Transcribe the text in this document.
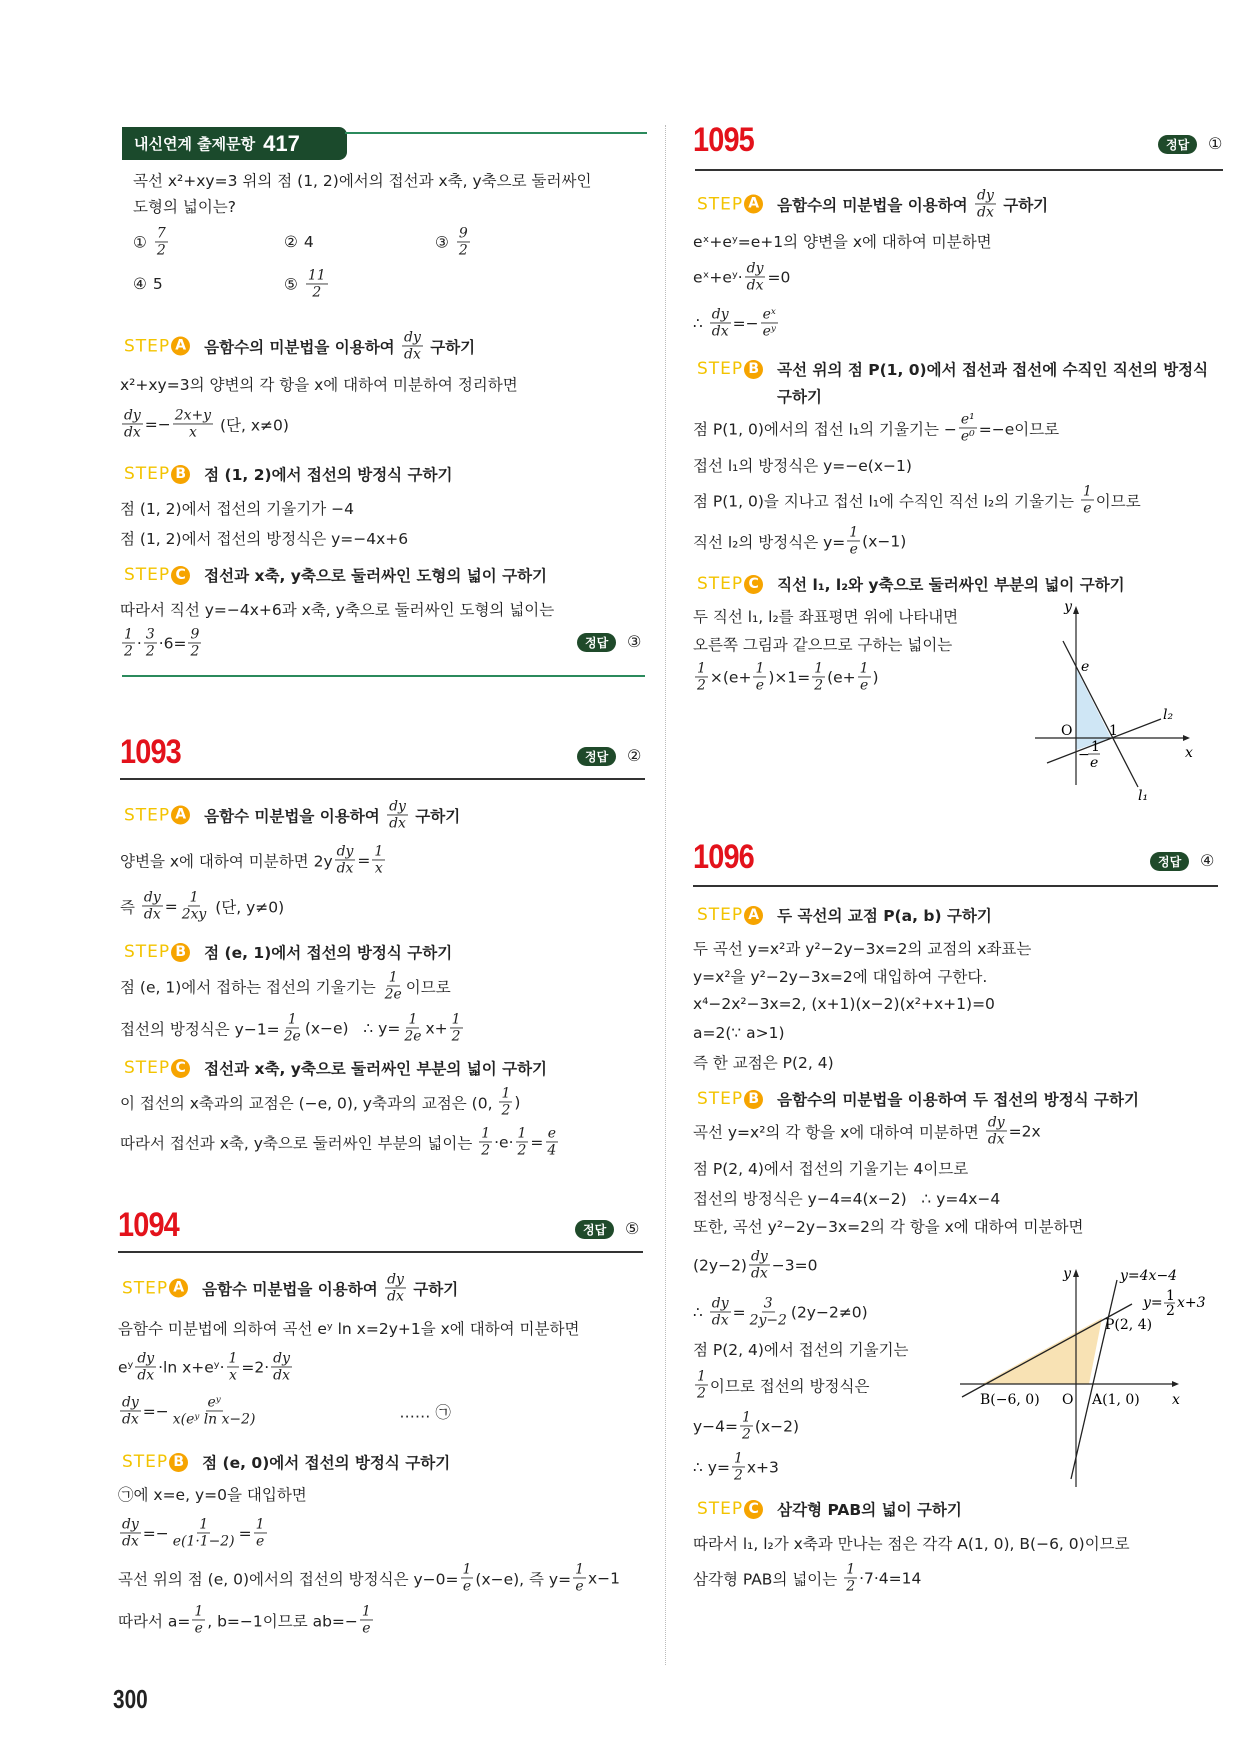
내신연계 출제문항 417
곡선 x²+xy=3 위의 점 (1, 2)에서의 접선과 x축, y축으로 둘러싸인
도형의 넓이는?
① $\frac{7}{2}$	② 4	③ $\frac{9}{2}$
④ 5	⑤ $\frac{11}{2}$
정답	③
STEP A 음함수의 미분법을 이용하여 $\frac{dy}{dx}$ 구하기
x²+xy=3의 양변의 각 항을 x에 대하여 미분하여 정리하면
$\frac{dy}{dx} =- \frac{2x+y}{x}$ (단, x≠0)
STEP B 점 (1, 2)에서 접선의 방정식 구하기
점 (1, 2)에서 접선의 기울기가 −4
점 (1, 2)에서 접선의 방정식은 y=−4x+6
STEP C 접선과 x축, y축으로 둘러싸인 도형의 넓이 구하기
따라서 직선 y=−4x+6과 x축, y축으로 둘러싸인 도형의 넓이는
$\frac{1}{2} \cdot \frac{3}{2} \cdot 6= \frac{9}{2}$
1093	정답	②
STEP A 음함수 미분법을 이용하여 $\frac{dy}{dx}$ 구하기
양변을 x에 대하여 미분하면 $2y \frac{dy}{dx} = \frac{1}{x}$
즉 $\frac{dy}{dx} = \frac{1}{2xy}$ (단, y≠0)
STEP B 점 (e, 1)에서 접선의 방정식 구하기
점 (e, 1)에서 접하는 접선의 기울기는 $\frac{1}{2e}$ 이므로
접선의 방정식은 $y-1= \frac{1}{2e} (x-e)$   ∴ $y= \frac{1}{2e} x+ \frac{1}{2}$
STEP C 접선과 x축, y축으로 둘러싸인 부분의 넓이 구하기
이 접선의 x축과의 교점은 (−e, 0), y축과의 교점은 (0, $\frac{1}{2}$ )
따라서 접선과 x축, y축으로 둘러싸인 부분의 넓이는 $\frac{1}{2} \cdot e\cdot \frac{1}{2} = \frac{e}{4}$
1094	정답	⑤
STEP A 음함수 미분법을 이용하여 $\frac{dy}{dx}$ 구하기
음함수 미분법에 의하여 곡선 eʸ ln x=2y+1을 x에 대하여 미분하면
eʸ $\frac{dy}{dx} \cdot\ln$ x+eʸ· $\frac{1}{x} =2\cdot \frac{dy}{dx}$
$\frac{dy}{dx} =- \frac{\text{eʸ}}{\text{x(eʸ ln x−2)}}$	…… ㉠
STEP B 점 (e, 0)에서 접선의 방정식 구하기
㉠에 x=e, y=0을 대입하면
$\frac{dy}{dx} =- \frac{1}{e(1\cdot 1-2)} = \frac{1}{e}$
곡선 위의 점 (e, 0)에서의 접선의 방정식은 $y-0= \frac{1}{e} (x-e)$, 즉 $y= \frac{1}{e} x-1$
따라서 $a= \frac{1}{e}$ , b=−1이므로 $ab=- \frac{1}{e}$
1095	정답	①
STEP A 음함수의 미분법을 이용하여 $\frac{dy}{dx}$ 구하기
eˣ+eʸ=e+1의 양변을 x에 대하여 미분하면
eˣ+eʸ· $\frac{dy}{dx} =0$
∴ $\frac{dy}{dx} =- \frac{\text{eˣ}}{\text{eʸ}}$
STEP B 곡선 위의 점 P(1, 0)에서 접선과 접선에 수직인 직선의 방정식
구하기
점 P(1, 0)에서의 접선 l₁의 기울기는 − $\frac{\text{e¹}}{\text{e⁰}} =-e$이므로
접선 l₁의 방정식은 y=−e(x−1)
점 P(1, 0)을 지나고 접선 l₁에 수직인 직선 l₂의 기울기는 $\frac{1}{e}$ 이므로
직선 l₂의 방정식은 $y= \frac{1}{e} (x-1)$
STEP C 직선 l₁, l₂와 y축으로 둘러싸인 부분의 넓이 구하기
두 직선 l₁, l₂를 좌표평면 위에 나타내면
오른쪽 그림과 같으므로 구하는 넓이는
$\frac{1}{2} \times(e+ \frac{1}{e} )\times 1= \frac{1}{2} (e+ \frac{1}{e}$ )
1096	정답	④
STEP A 두 곡선의 교점 P(a, b) 구하기
두 곡선 y=x²과 y²−2y−3x=2의 교점의 x좌표는
y=x²을 y²−2y−3x=2에 대입하여 구한다.
x⁴−2x²−3x=2, (x+1)(x−2)(x²+x+1)=0
a=2(∵ a>1)
즉 한 교점은 P(2, 4)
STEP B 음함수의 미분법을 이용하여 두 접선의 방정식 구하기
곡선 y=x²의 각 항을 x에 대하여 미분하면 $\frac{dy}{dx} =2x$
점 P(2, 4)에서 접선의 기울기는 4이므로
접선의 방정식은 y−4=4(x−2)   ∴ y=4x−4
또한, 곡선 y²−2y−3x=2의 각 항을 x에 대하여 미분하면
$(2y-2) \frac{dy}{dx} -3=0$
∴ $\frac{dy}{dx} = \frac{3}{2y-2} (2y-2\ne 0)$
점 P(2, 4)에서 접선의 기울기는
$\frac{1}{2}$ 이므로 접선의 방정식은
$y-4= \frac{1}{2} (x-2)$
∴ $y= \frac{1}{2} x+3$
STEP C 삼각형 PAB의 넓이 구하기
따라서 l₁, l₂가 x축과 만나는 점은 각각 A(1, 0), B(−6, 0)이므로
삼각형 PAB의 넓이는 $\frac{1}{2} \cdot 7\cdot 4=14$
y
x
O
e
1
− 1
e
l₂
l₁
y
x
O
y=4x−4
y= 1
2 x+3
P(2, 4)
A(1, 0)
B(−6, 0)
300
